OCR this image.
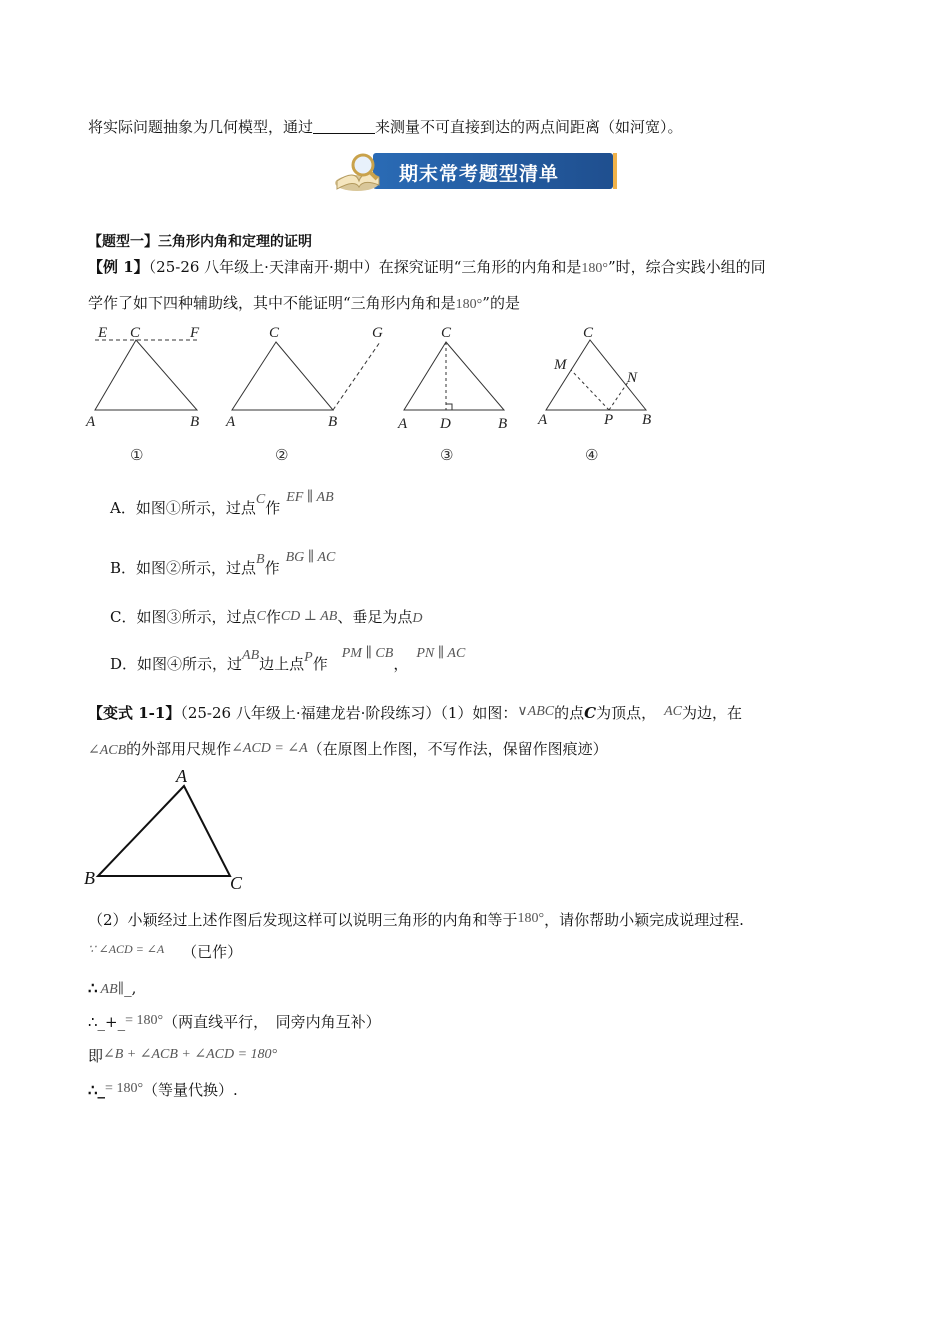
将实际问题抽象为几何模型，通过	来测量不可直接到达的两点间距离（如河宽）。
期末常考题型清单
【题型一】三角形内角和定理的证明
【例 1】（25-26 八年级上·天津南开·期中）在探究证明“三角形的内角和是180°”时，综合实践小组的同
学作了如下四种辅助线，其中不能证明“三角形内角和是180°”的是
E C	F
A	B
①
C	G
A	B
②
C
A D	B
③
C
M
N
A	P B
④
A．如图①所示，过点C作EF ∥ AB
B．如图②所示，过点B作BG ∥ AC
C．如图③所示，过点C作CD ⊥ AB、垂足为点D
D．如图④所示，过AB边上点P作PM ∥ CB，PN ∥ AC
【变式 1-1】（25-26 八年级上·福建龙岩·阶段练习）（1）如图：∨ABC的点C为顶点， AC为边，在
∠ACB的外部用尺规作∠ACD = ∠A（在原图上作图，不写作法，保留作图痕迹）
A
B	C
（2）小颖经过上述作图后发现这样可以说明三角形的内角和等于180°，请你帮助小颖完成说理过程.
$^{\because \angle ACD = \angle A}$ （已作）
∴ AB∥_,
∴_+_= 180°（两直线平行，　同旁内角互补）
即∠B + ∠ACB + ∠ACD = 180°
∴_= 180°（等量代换）.
